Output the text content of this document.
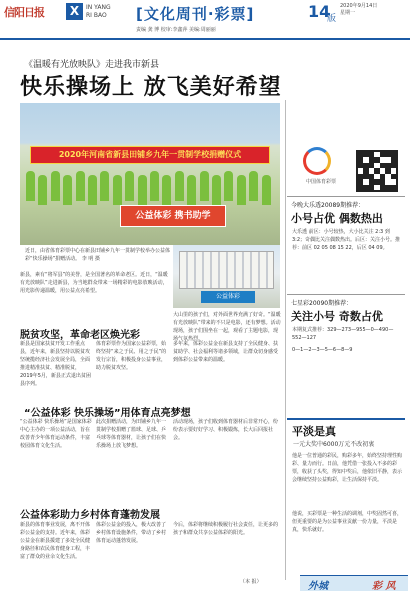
信阳日报	X	IN YANG
RI BAO [文化周刊·彩票]	14
版
2020年9月14日
星期一
责编 龚 博 校审:李鑫萍 美编:周丽丽
《温暖有光放映队》走进我市新县
快乐操场上 放飞美好希望
2020年河南省新县田铺乡九年一贯制学校捐赠仪式
公益体彩 携书助学
近日，由省体育彩票中心在新县田铺乡九年一贯制学校举办公益体彩“快乐操场”捐赠活动。 李 明 摄
公益体彩
新县，素有“将军县”的美誉，是全国著名的革命老区。近日，“温暖有光放映队”走进新县，为当地群众带来一场精彩的电影放映活动，用光影传递温暖，用公益点亮希望。
大山里的孩子们，对外面世界充满了好奇。“温暖有光放映队”带来的不只是电影，还有梦想。活动现场，孩子们围坐在一起，观看了主题电影，现场气氛热烈。
脱贫攻坚，革命老区焕光彩
新县是国家扶贫开发工作重点县，近年来，新县坚持以脱贫攻坚统揽经济社会发展全局，全面推进精准扶贫、精准脱贫，2019年5月，新县正式退出贫困县序列。
体育彩票作为国家公益彩票，始终坚持“来之于民、用之于民”的发行宗旨，积极投身公益事业，助力脱贫攻坚。
多年来，体彩公益金在新县支持了全民健身、扶贫助学、社会福利等诸多领域，让群众切身感受到体彩公益带来的温暖。
“公益体彩 快乐操场”用体育点亮梦想
“公益体彩 快乐操场”是国家体彩中心主办的一项公益活动，旨在改善青少年体育运动条件，丰富校园体育文化生活。
此次捐赠活动，为田铺乡九年一贯制学校捐赠了篮球、足球、乒乓球等体育器材，让孩子们在快乐操场上放飞梦想。
活动现场，孩子们收到体育器材后非常开心，纷纷表示要好好学习、积极锻炼，长大后回报社会。
公益体彩助力乡村体育蓬勃发展
新县的体育事业发展，离不开体彩公益金的支持。近年来，体彩公益金在新县援建了多处全民健身路径和农民体育健身工程，丰富了群众的业余文化生活。
体彩公益金的投入，极大改善了乡村体育设施条件，带动了乡村体育运动蓬勃发展。
今后，体彩将继续积极履行社会责任，让更多的孩子和群众共享公益体彩的阳光。
（本 报）
中国体育彩票
今晚大乐透20089期推荐：
小号占优 偶数热出
大乐透 前区：小号较热，大小比关注 2:3 到 3:2；奇偶比关注偶数热出。后区：关注小号。推荐：前区 02 05 08 15 22，后区 04 09。
七星彩20090期推荐：
关注小号 奇数占优
本期复式推荐：329—273—955—0—490—552—127
0—1—2—3—5—6—8—9
平淡是真
一元大奖中6000万元不改初衷
他是一位普通的彩民，购彩多年，始终坚持理性购彩、量力而行。日前，他凭借一张投入不多的彩票，收获了头奖，得知中奖后，他依旧平静，表示会继续坚持公益购彩，让生活保持平淡。
他说，买彩票是一种生活的调剂，中奖固然可喜，但更重要的是为公益事业贡献一份力量，平淡是真，快乐就好。
外城	彩 风
